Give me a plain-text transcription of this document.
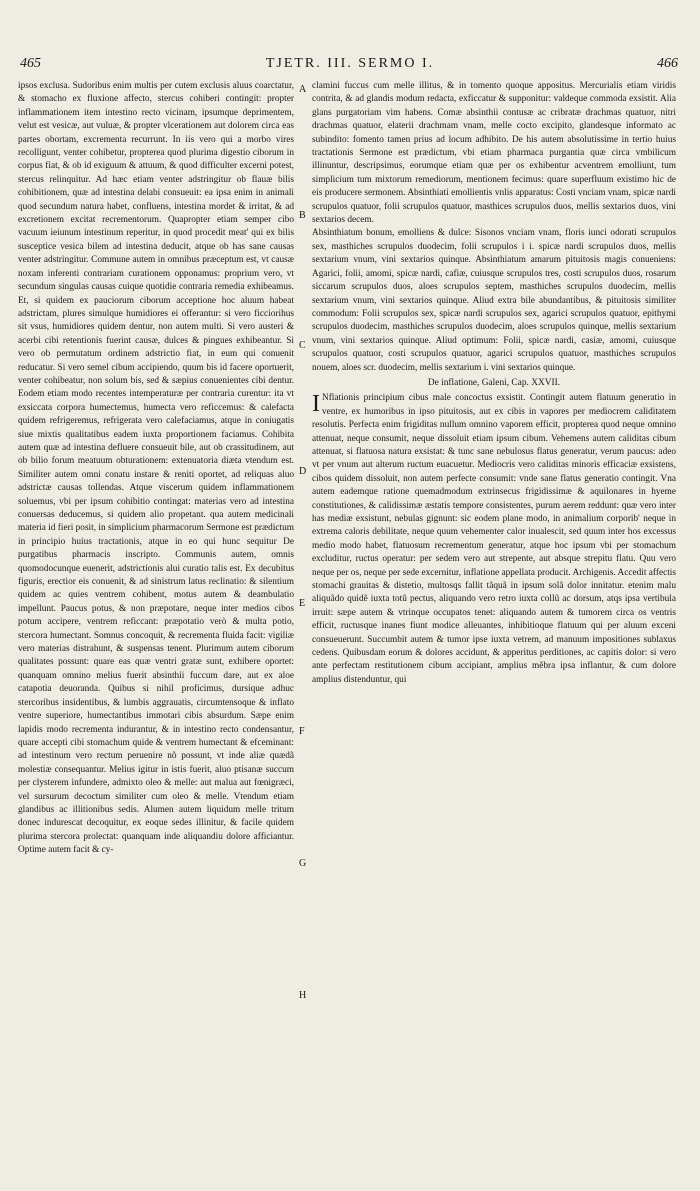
465	TJETR. III. SERMO I.	466

ipsos exclusa. Sudoribus enim multis per cutem exclusis aluus coarctatur, & stomacho ex fluxione affecto, stercus cohiberi contingit: propter inflammationem item intestino recto vicinam, ipsumque deprimentem, velut est vesicæ, aut vuluæ, & propter vlcerationem aut dolorem circa eas partes obortam, excrementa recurrunt. In iis vero qui a morbo vires recolligunt, venter cohibetur, propterea quod plurima digestio ciborum in corpus fiat, & ob id exiguum & attuum, & quod difficulter excerni potest, stercus relinquitur. Ad hæc etiam venter adstringitur ob flauæ bilis cohibitionem, quæ ad intestina delabi consueuit: ea ipsa enim in animali quod secundum natura habet, confluens, intestina mordet & irritat, & ad excretionem excitat recrementorum. Quapropter etiam semper cibo vacuum ieiunum intestinum reperitur, in quod procedit meat' qui ex bilis suscepticе vesica bilem ad intestina deducit, atque ob has sane causas venter adstringitur. Commune autem in omnibus præceptum est, vt causæ noxam inferenti contrariam curationem opponamus: proprium vero, vt secundum singulas causas cuique quotidie contraria remedia exhibeamus. Et, si quidem ex pauciorum ciborum acceptione hoc aluum habeat adstrictam, plures simulque humidiores ei offerantur: si vero ficciorihus sit vsus, humidiores quidem dentur, non autem multi. Si vero austeri & acerbi cibi retentionis fuerint causæ, dulces & pingues exhibeantur. Si vero ob permutatum ordinem adstrictio fiat, in eum qui conuenit reducatur. Si vero semel cibum accipiendo, quum bis id facere oportuerit, venter cohibeatur, non solum bis, sed & sæpius conuenientes cibi dentur. Eodem etiam modo recentes intemperaturæ per contraria curentur: ita vt exsiccata corpora humectemus, humecta vero reficcemus: & calefacta quidem refrigeremus, refrigerata vero calefaciamus, atque in coniugatis siue mixtis qualitatibus eadem iuxta proportionem faciamus. Cohibita autem quæ ad intestina defluere consueuit bile, aut ob crassitudinem, aut ob bilio forum meatuum obturationem: extenuatoria diæta vtendum est. Similiter autem omni conatu instare & reniti oportet, ad reliquas aluo adstrictæ causas tollendas. Atque viscerum quidem inflammationem soluemus, vbi per ipsum cohibitio contingat: materias vero ad intestina conuersas deducemus, si quidem alio propetant. qua autem medicinali materia id fieri posit, in simplicium pharmacorum Sermone est prædictum in principio huius tractationis, atque in eo qui hunc sequitur De purgatibus pharmacis inscripto. Communis autem, omnis quomodocunque euenerit, adstrictionis alui curatio talis est. Ex decubitus figuris, erectior eis conuenit, & ad sinistrum latus reclinatio: & silentium quidem ac quies ventrem cohibent, motus autem & deambulatio impellunt. Paucus potus, & non præpotare, neque inter medios cibos potum accipere, ventrem reficcant: præpotatio verò & multa potio, stercora humectant. Somnus concoquit, & recrementa fluida facit: vigiliæ vero materias distrahunt, & suspensas tenent. Plurimum autem ciborum qualitates possunt: quare eas quæ ventri gratæ sunt, exhibere oportet: quanquam omnino melius fuerit absinthii fuccum dare, aut ex aloe catapotia deuorandа. Quibus si nihil proficimus, dursique adhuc stercoribus insidentibus, & lumbis aggrauatis, circumtensoque & inflato ventre superiore, humectantibus immotari cibis absurdum. Sæpe enim lapidis modo recrementa indurantur, & in intestino recto condensantur, quare accepti cibi stomachum quide & ventrem humectant & efceminant: ad intestinum vero rectum peruenire nõ possunt, vt inde aliæ quædã molestiæ consequantur. Melius igitur in istis fuerit, aluo ptisanæ succum per clysterem infundere, admixto oleo & melle: aut malua aut fœnigræci, vel sursurum decoctum similiter cum oleo & melle. Vtendum etiam glandibus ac illitionibus sedis. Alumen autem liquidum melle tritum donec indurescat decoquitur, ex eoque sedes illinitur, & facile quidem plurima stercora prolectat: quanquam inde aliquandiu dolore afficiantur. Optime autem facit & cy-

A
B
C
D
E
F
G
H

clamini fuccus cum melle illitus, & in tomento quoque appositus. Mercurialis etiam viridis contrita, & ad glandis modum redacta, exficcatur & supponitur: valdeque commoda exsistit. Alia glans purgatoriam vim habens. Comæ absinthii contusæ ac cribratæ drachmas quatuor, nitri drachmas quatuor, elaterii drachmam vnam, melle cocto excipito, glandesque informato ac subindito: fomento tamen prius ad locum adhibito. De his autem absolutissime in tertio huius tractationis Sermone est prædictum, vbi etiam pharmaca purgantia quæ circa vmbilicum illinuntur, descripsimus, eorumque etiam quæ per os exhibentur acventrem emolliunt, tum simplicium tum mixtorum remediorum, mentionem fecimus: quare superfluum existimo hic de eis producere sermonem. Absinthiati emollientis vnlis apparatus: Costi vnciam vnam, spicæ nardi scrupulos quatuor, folii scrupulos quatuor, masthices scrupulos duos, mellis sextarios duos, vini sextarios decem.

Absinthiatum bonum, emolliens & dulce: Sisonos vnciam vnam, floris iunci odorati scrupulos sex, masthiches scrupulos duodecim, folii scrupulos i i. spicæ nardi scrupulos duos, mellis sextarium vnum, vini sextarios quinque. Absinthiatum amarum pituitosis magis conueniens: Agarici, folii, amomi, spicæ nardi, cafiæ, cuiusque scrupulos tres, costi scrupulos duos, rosarum siccarum scrupulos duos, aloes scrupulos septem, masthiches scrupulos duodecim, mellis sextarium vnum, vini sextarios quinque. Aliud extra bile abundantibus, & pituitosis similiter commodum: Folii scrupulos sex, spicæ nardi scrupulos sex, agarici scrupulos quatuor, epithymi scrupulos duodecim, masthiches scrupulos duodecim, aloes scrupulos quinque, mellis sextarium vnum, vini sextarios quinque. Aliud optimum: Folii, spicæ nardi, casiæ, amomi, cuiusque scrupulos quatuor, costi scrupulos quatuor, agarici scrupulos quatuor, masthiches scrupulos nouem, aloes scr. duodecim, mellis sextarium i. vini sextarios quinque.

De inflatione, Galeni, Cap. XXVII.

I Nflationis principium cibus male concoctus exsistit. Contingit autem flatuum generatio in ventre, ex humoribus in ipso pituitosis, aut ex cibis in vapores per mediocrem caliditatem resolutis. Perfecta enim frigiditas nullum omnino vaporem efficit, propterea quod neque omnino attenuat, neque consumit, neque dissoluit etiam ipsum cibum. Vehemens autem caliditas cibum attenuat, si flatuosa natura exsistat: & tunc sane nebulosus flatus generatur, verum paucus: adeo vt per vnum aut alterum ructum euacuetur. Mediocris vero caliditas minoris efficaciæ exsistens, cibos quidem dissoluit, non autem perfecte consumit: vnde sane flatus generatio contingit. Vna autem eademque ratione quemadmodum extrinsecus frigidissimæ & aquilonares in hyeme constitutiones, & calidissimæ æstatis tempore consistentes, purum aerem reddunt: quæ vero inter has mediæ exsistunt, nebulas gignunt: sic eodem plane modo, in animalium corporib' neque in extrema caloris debilitate, neque quum vehementer calor inualescit, sed quum inter hos excessus medio modo habet, flatuosum recrementum generatur, atque hoc ipsum vbi per stomachum excluditur, ructus operatur: per sedem vero aut strepente, aut absque strepitu flatu. Quu vero neque per os, neque per sede excernitur, inflatione appellata producit. Archigenis. Accedit affectis stomachi grauitas & distetio, multosqs fallit tãquã in ipsum solã dolor innitatur. etenim malu aliquãdo quidẽ iuxta totũ pectus, aliquando vero retro iuxta collũ ac dorsum, atqs ipsa vertibula irruit: sæpe autem & vtrinque occupatos tenet: aliquando autem & tumorem circa os ventris efficit, ructusque inanes fiunt modice alleuantes, inhibitioque flatuum qui per aluum exceni consueuerunt. Succumbit autem & tumor ipse iuxta vetrem, ad manuum impositiones sublaxus cedens. Quibusdam eorum & dolores accidunt, & apperitus perditiones, ac capitis dolor: si vero ante perfectam restitutionem cibum accipiant, amplius mẽbra ipsa inflantur, & cum dolore amplius distenduntur, qui
